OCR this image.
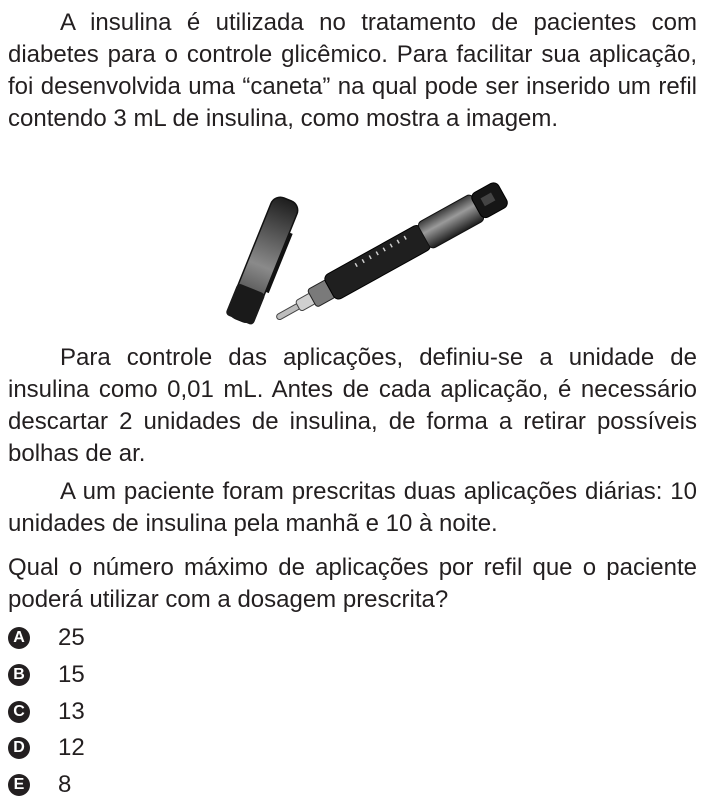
A insulina é utilizada no tratamento de pacientes com diabetes para o controle glicêmico. Para facilitar sua aplicação, foi desenvolvida uma “caneta” na qual pode ser inserido um refil contendo 3 mL de insulina, como mostra a imagem.

Para controle das aplicações, definiu-se a unidade de insulina como 0,01 mL. Antes de cada aplicação, é necessário descartar 2 unidades de insulina, de forma a retirar possíveis bolhas de ar.

A um paciente foram prescritas duas aplicações diárias: 10 unidades de insulina pela manhã e 10 à noite.

Qual o número máximo de aplicações por refil que o paciente poderá utilizar com a dosagem prescrita?

A 25
B 15
C 13
D 12
E 8
